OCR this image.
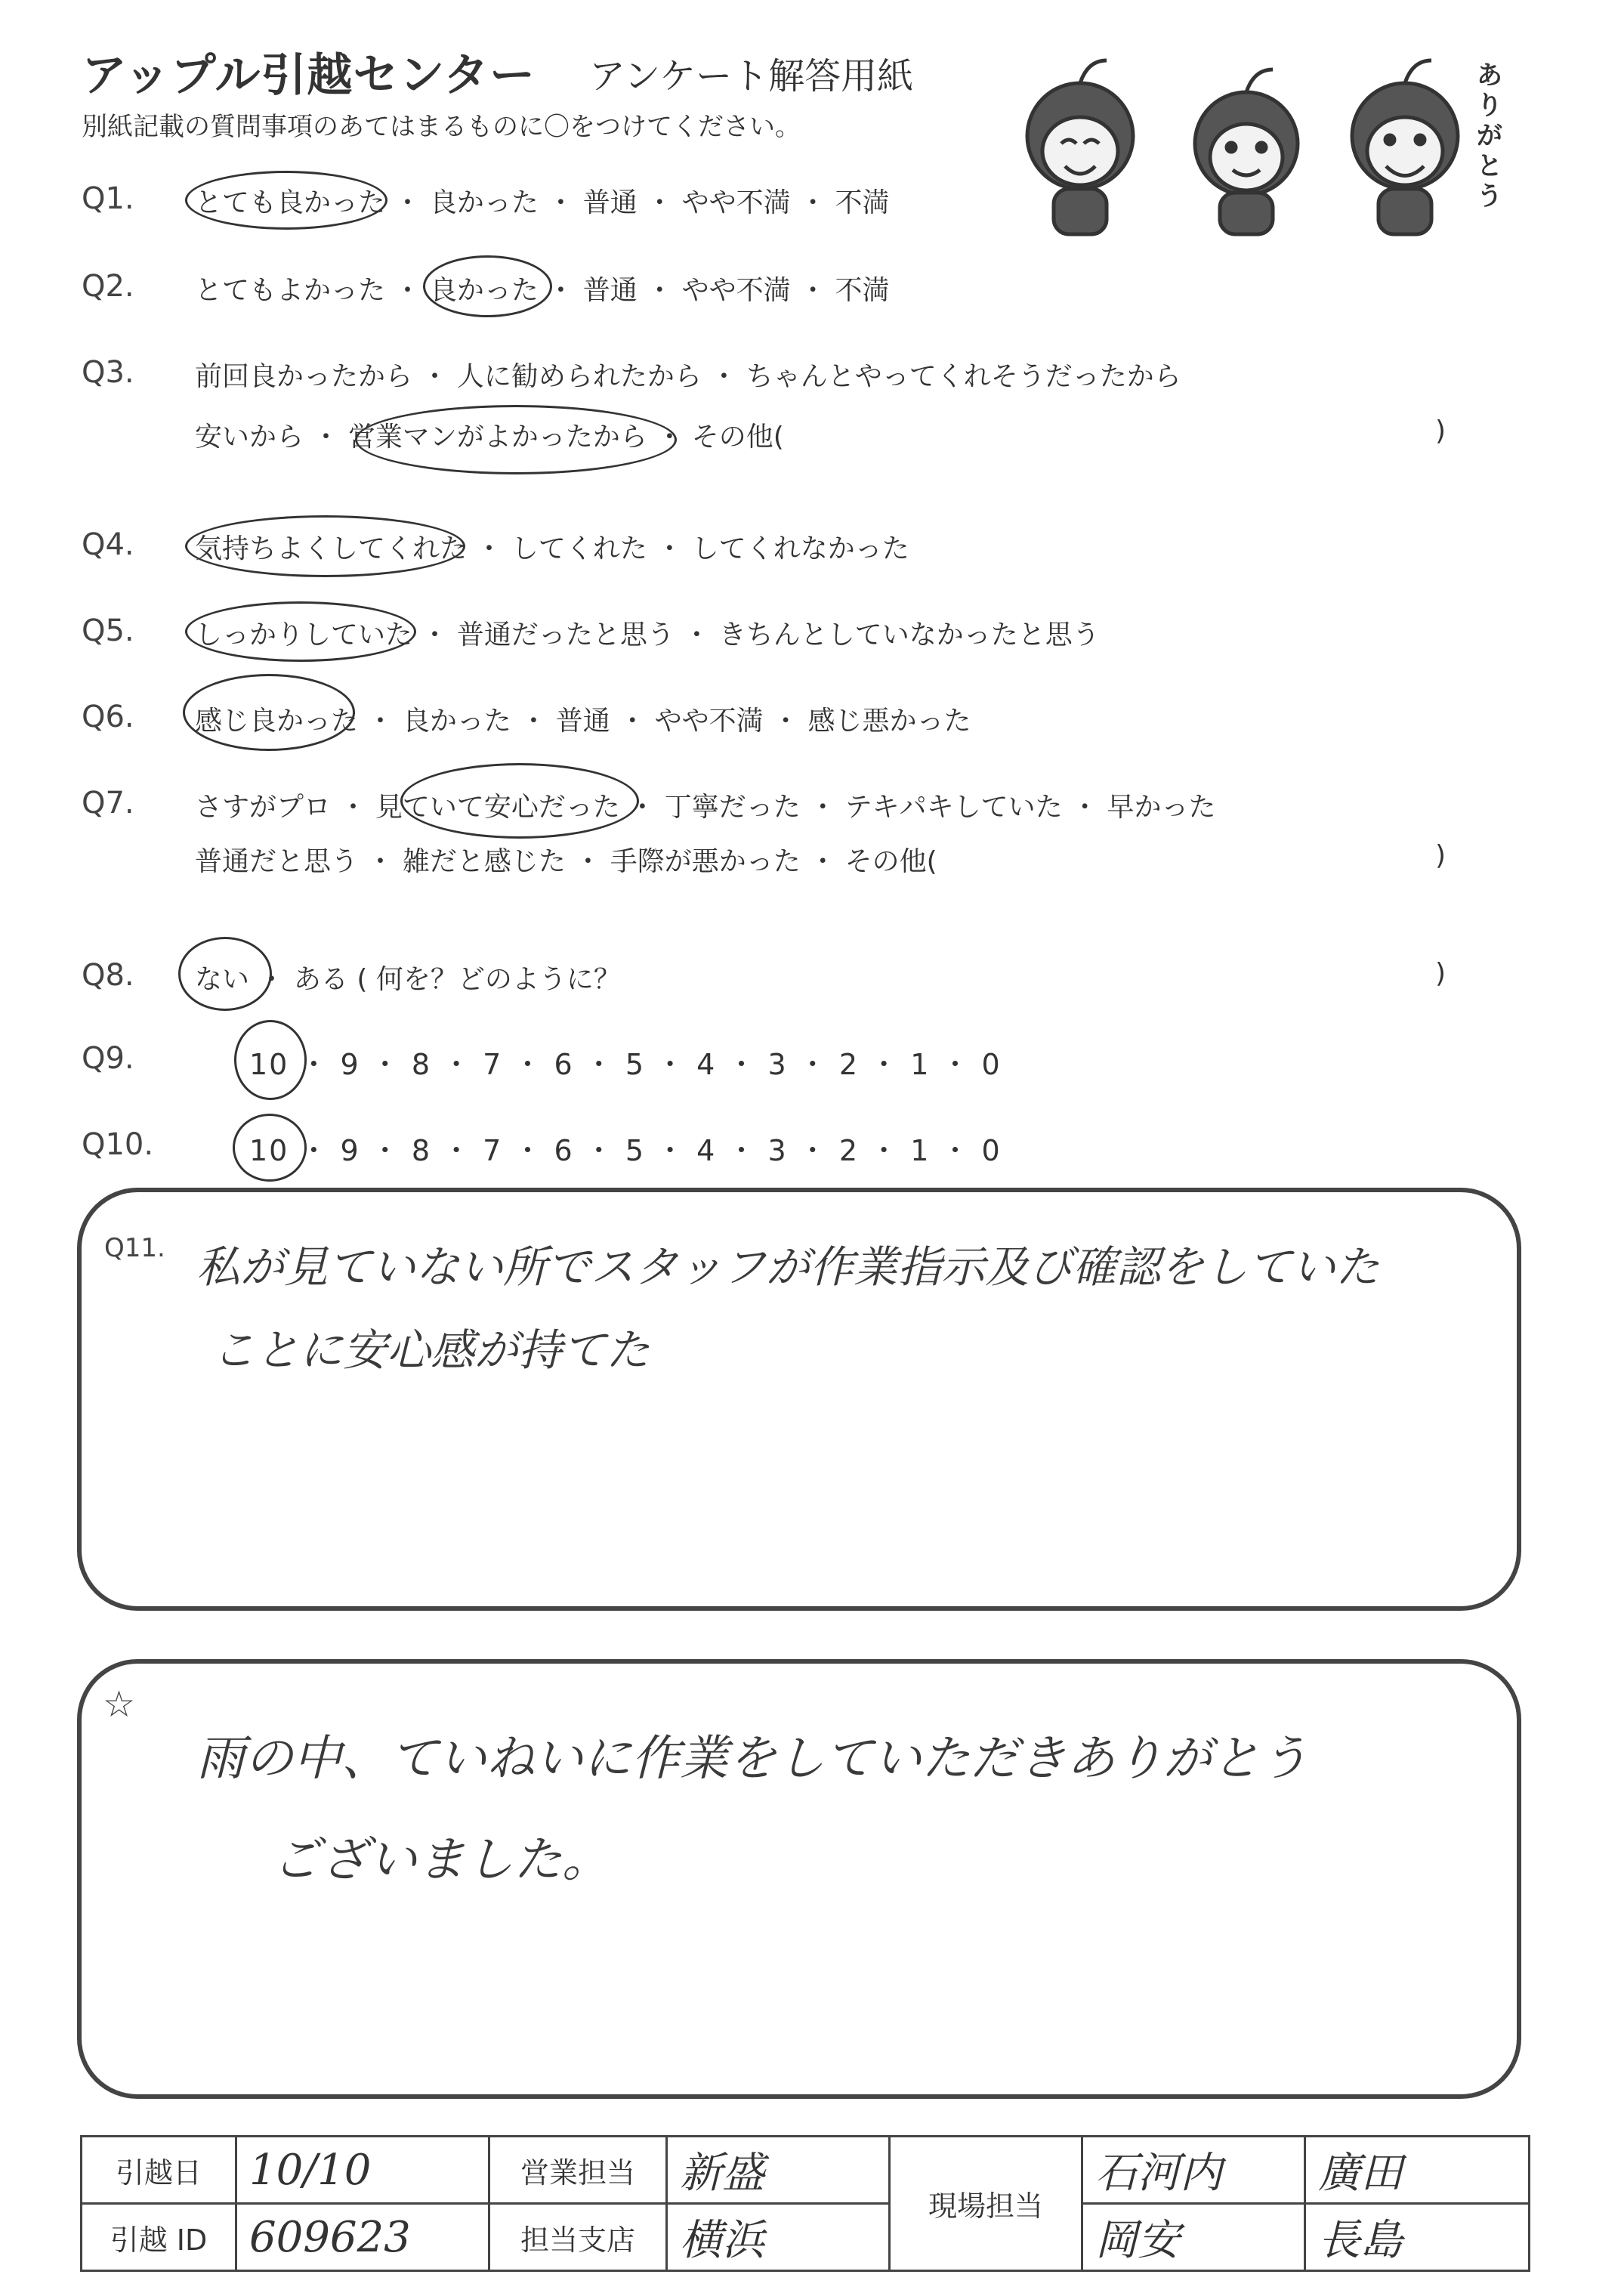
アップル引越センター アンケート解答用紙
別紙記載の質問事項のあてはまるものに〇をつけてください。
ありがとう
Q1. とても良かった ・ 良かった ・ 普通 ・ やや不満 ・ 不満
Q2. とてもよかった ・ 良かった ・ 普通 ・ やや不満 ・ 不満
Q3. 前回良かったから ・ 人に勧められたから ・ ちゃんとやってくれそうだったから
安いから ・ 営業マンがよかったから ・ その他(	)
Q4. 気持ちよくしてくれた ・ してくれた ・ してくれなかった
Q5. しっかりしていた ・ 普通だったと思う ・ きちんとしていなかったと思う
Q6. 感じ良かった ・ 良かった ・ 普通 ・ やや不満 ・ 感じ悪かった
Q7. さすがプロ ・ 見ていて安心だった ・ 丁寧だった ・ テキパキしていた ・ 早かった
普通だと思う ・ 雑だと感じた ・ 手際が悪かった ・ その他(	)
Q8. ない ・ ある ( 何を？どのように？	)
Q9.	10 ・ 9 ・ 8 ・ 7 ・ 6 ・ 5 ・ 4 ・ 3 ・ 2 ・ 1 ・ 0
Q10.	10 ・ 9 ・ 8 ・ 7 ・ 6 ・ 5 ・ 4 ・ 3 ・ 2 ・ 1 ・ 0
Q11. 私が見ていない所でスタッフが作業指示及び確認をしていた
ことに安心感が持てた
☆
雨の中、ていねいに作業をしていただきありがとう
ございました。
引越日	10/10	営業担当	新盛	現場担当	石河内	廣田
引越 ID	609623	担当支店	横浜		岡安	長島
